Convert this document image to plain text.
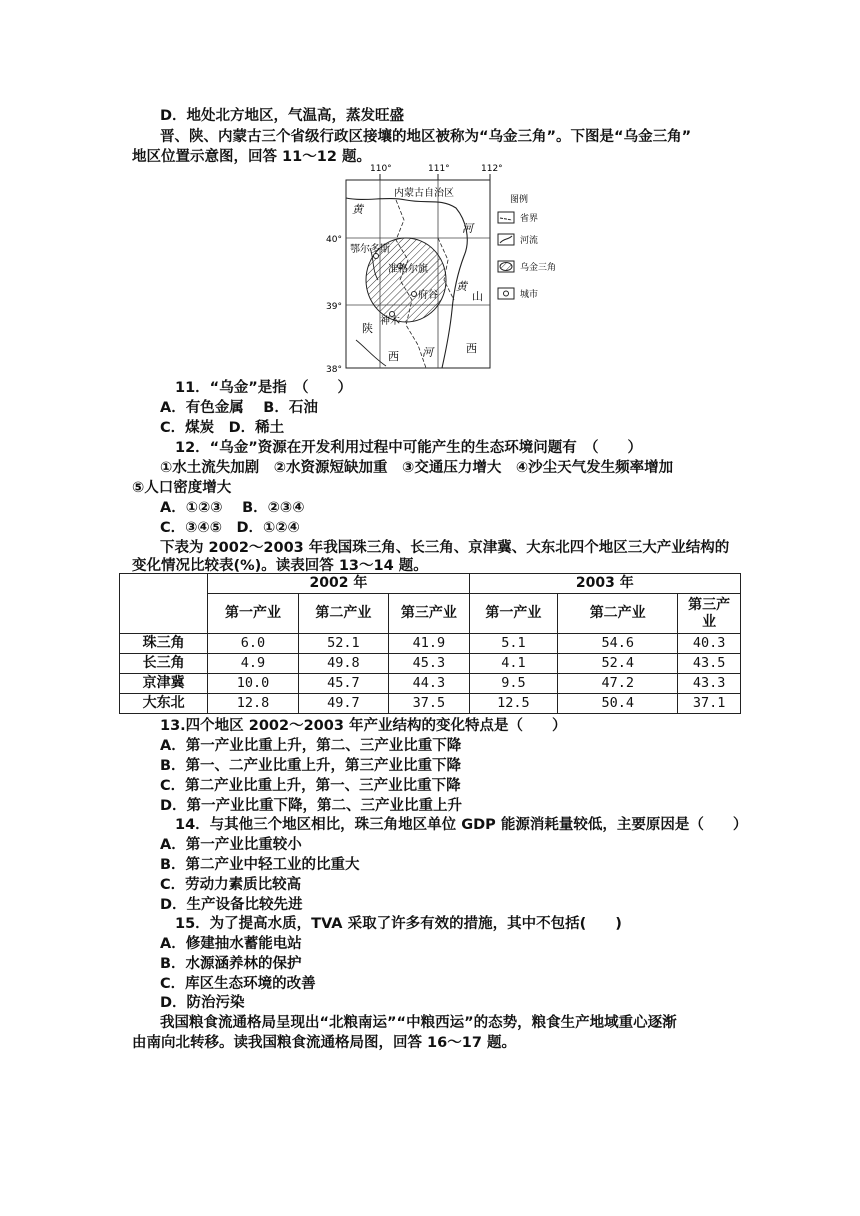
D．地处北方地区，气温高，蒸发旺盛
晋、陕、内蒙古三个省级行政区接壤的地区被称为“乌金三角”。下图是“乌金三角”
地区位置示意图，回答 11～12 题。
110°	111°	112°
40°
39°
38°
内蒙古自治区
黄
河
鄂尔多斯
准格尔旗
府谷
神木
陕
西
黄
河
山
西
图例
省界
河流
乌金三角
城市
11．“乌金”是指　（　　）
A．有色金属　 B．石油
C．煤炭　D．稀土
12．“乌金”资源在开发利用过程中可能产生的生态环境问题有　（　　）
①水土流失加剧　②水资源短缺加重　③交通压力增大　④沙尘天气发生频率增加
⑤人口密度增大
A．①②③　 B．②③④
C．③④⑤　D．①②④
下表为 2002～2003 年我国珠三角、长三角、京津冀、大东北四个地区三大产业结构的
变化情况比较表(%)。读表回答 13～14 题。
	2002 年			2003 年		
	第一产业	第二产业	第三产业	第一产业	第二产业	第三产业
珠三角	6.0	52.1	41.9	5.1	54.6	40.3
长三角	4.9	49.8	45.3	4.1	52.4	43.5
京津冀	10.0	45.7	44.3	9.5	47.2	43.3
大东北	12.8	49.7	37.5	12.5	50.4	37.1
13.四个地区 2002～2003 年产业结构的变化特点是（　　）
A．第一产业比重上升，第二、三产业比重下降
B．第一、二产业比重上升，第三产业比重下降
C．第二产业比重上升，第一、三产业比重下降
D．第一产业比重下降，第二、三产业比重上升
14．与其他三个地区相比，珠三角地区单位 GDP 能源消耗量较低，主要原因是（　　）
A．第一产业比重较小
B．第二产业中轻工业的比重大
C．劳动力素质比较高
D．生产设备比较先进
15．为了提高水质，TVA 采取了许多有效的措施，其中不包括(　　)
A．修建抽水蓄能电站
B．水源涵养林的保护
C．库区生态环境的改善
D．防治污染
我国粮食流通格局呈现出“北粮南运”“中粮西运”的态势，粮食生产地域重心逐渐
由南向北转移。读我国粮食流通格局图，回答 16～17 题。
